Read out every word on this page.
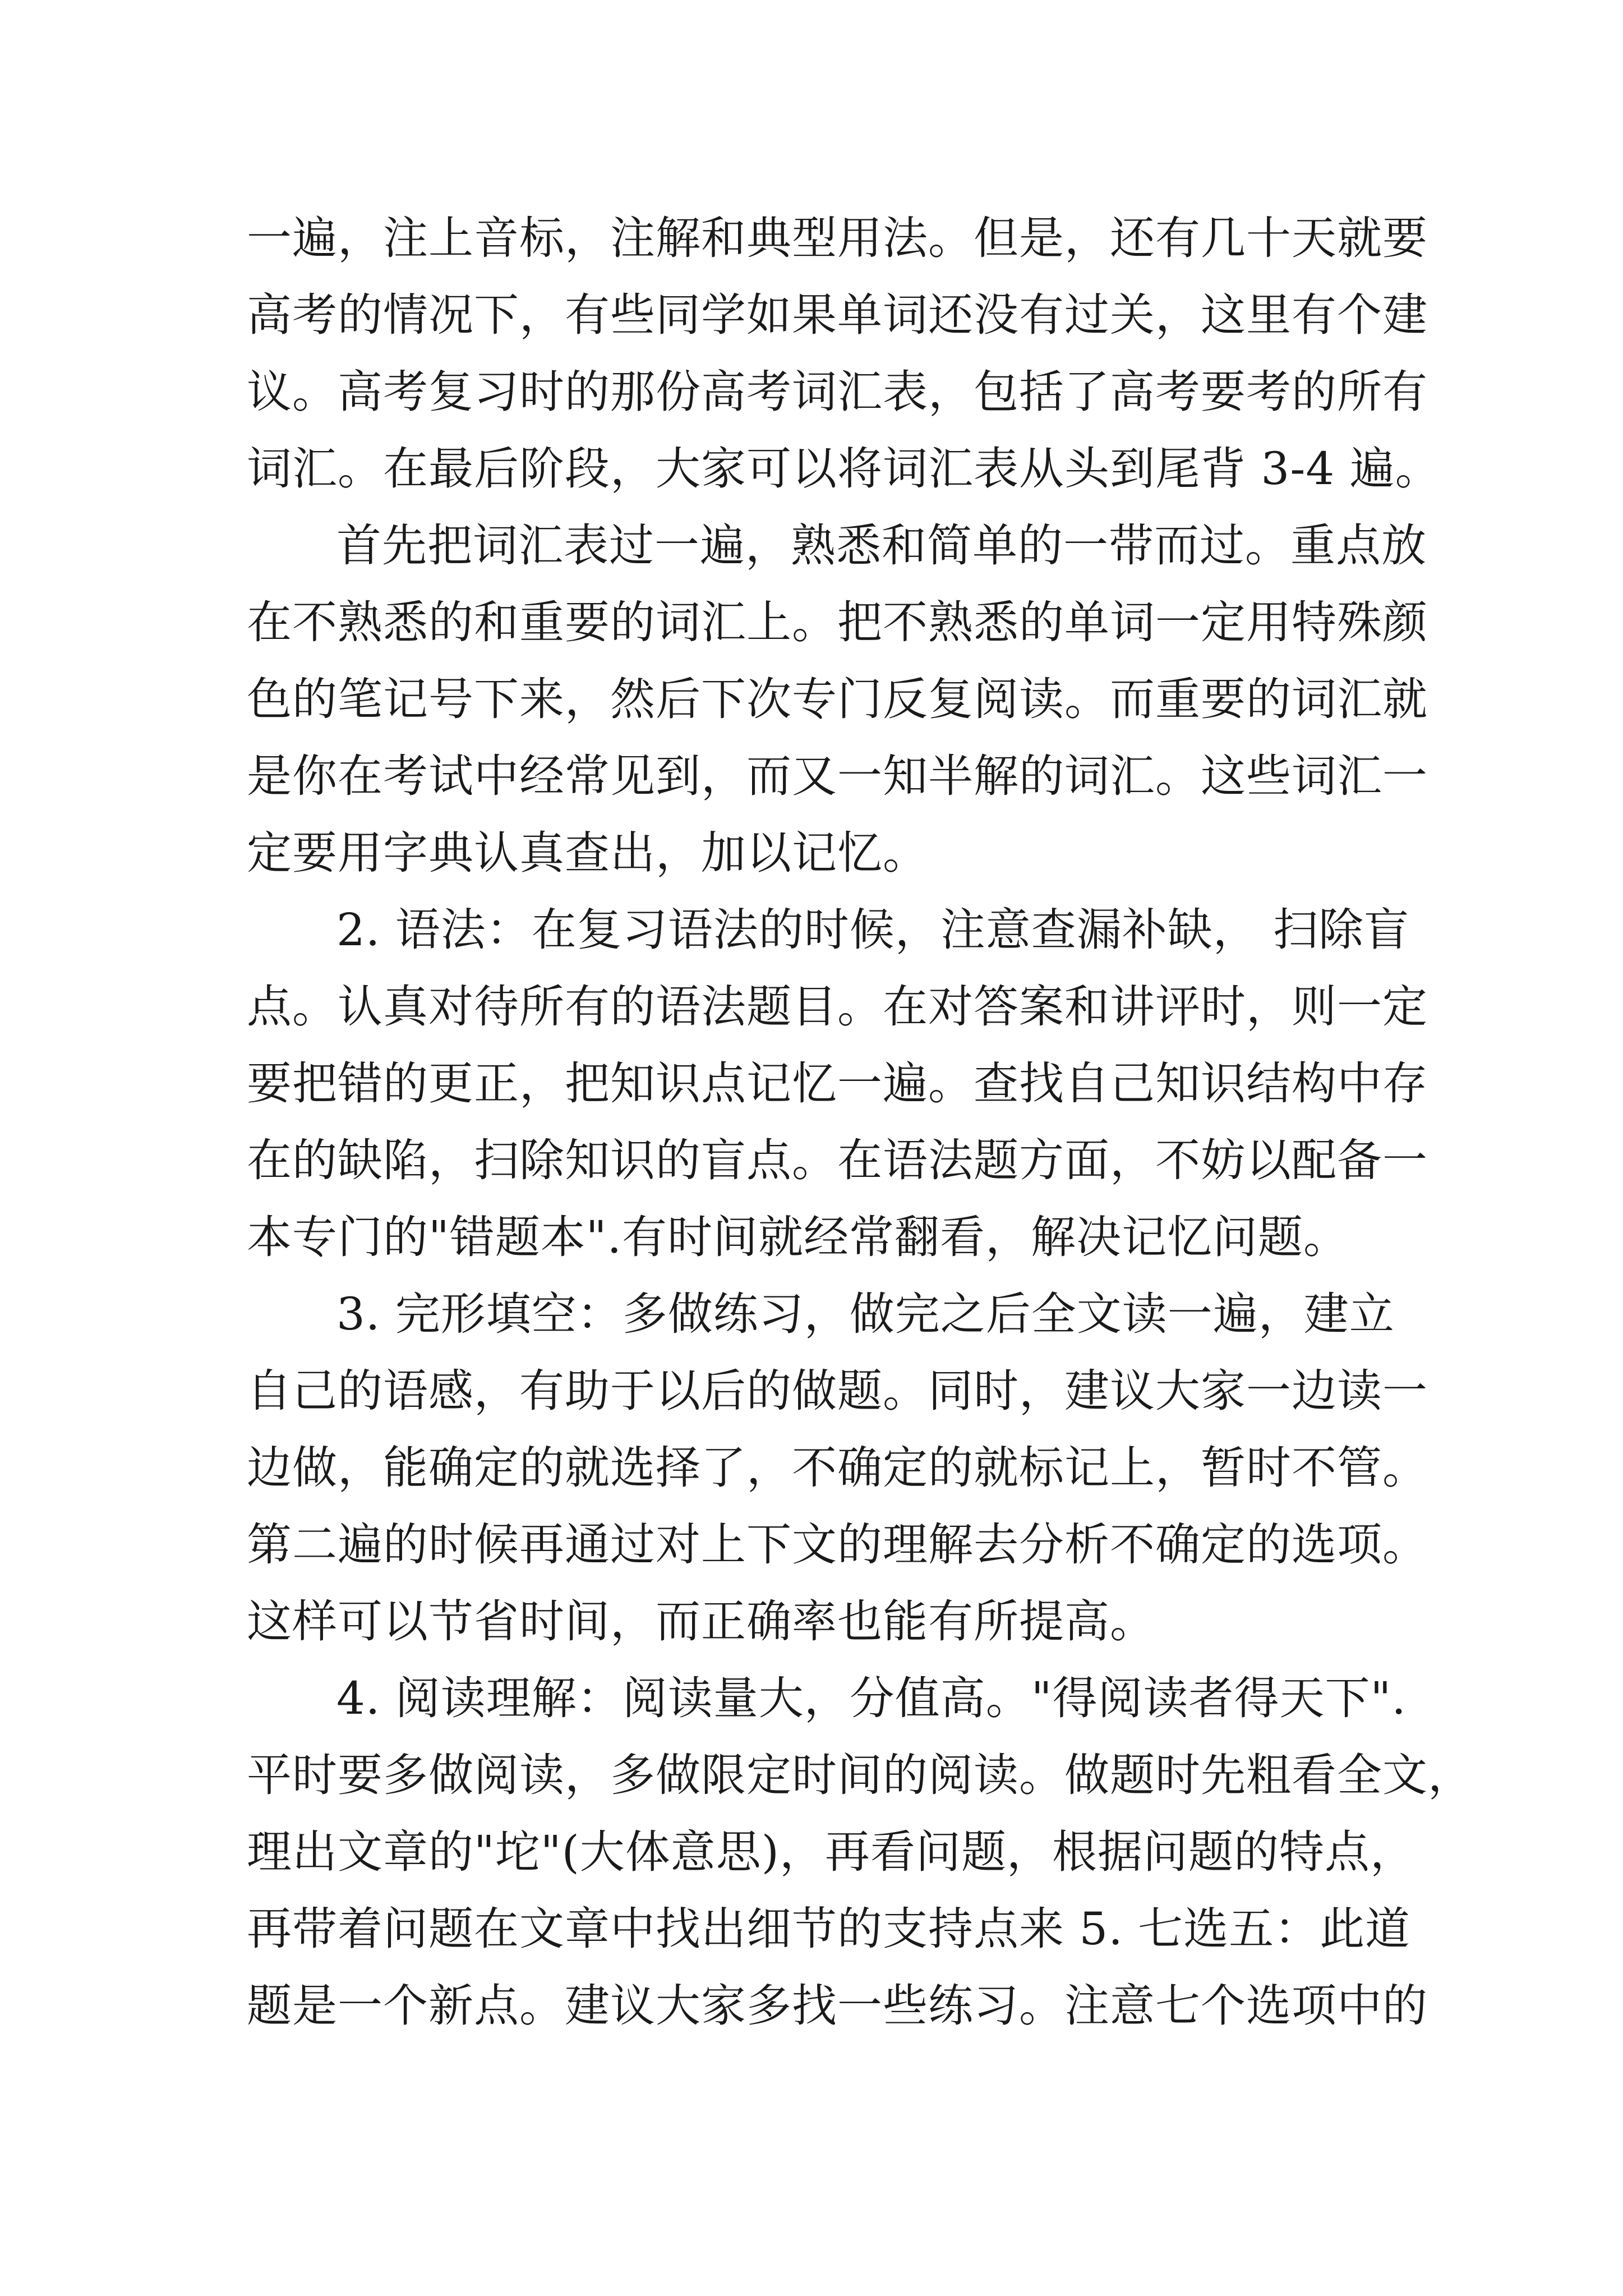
一遍，注上音标，注解和典型用法。但是，还有几十天就要
高考的情况下，有些同学如果单词还没有过关，这里有个建
议。高考复习时的那份高考词汇表，包括了高考要考的所有
词汇。在最后阶段，大家可以将词汇表从头到尾背 3-4 遍。
首先把词汇表过一遍，熟悉和简单的一带而过。重点放
在不熟悉的和重要的词汇上。把不熟悉的单词一定用特殊颜
色的笔记号下来，然后下次专门反复阅读。而重要的词汇就
是你在考试中经常见到，而又一知半解的词汇。这些词汇一
定要用字典认真查出，加以记忆。
2. 语法：在复习语法的时候，注意查漏补缺， 扫除盲
点。认真对待所有的语法题目。在对答案和讲评时，则一定
要把错的更正，把知识点记忆一遍。查找自己知识结构中存
在的缺陷，扫除知识的盲点。在语法题方面，不妨以配备一
本专门的"错题本".有时间就经常翻看，解决记忆问题。
3. 完形填空：多做练习，做完之后全文读一遍，建立
自己的语感，有助于以后的做题。同时，建议大家一边读一
边做，能确定的就选择了，不确定的就标记上，暂时不管。
第二遍的时候再通过对上下文的理解去分析不确定的选项。
这样可以节省时间，而正确率也能有所提高。
4. 阅读理解：阅读量大，分值高。"得阅读者得天下".
平时要多做阅读，多做限定时间的阅读。做题时先粗看全文，
理出文章的"坨"(大体意思)，再看问题，根据问题的特点，
再带着问题在文章中找出细节的支持点来 5. 七选五：此道
题是一个新点。建议大家多找一些练习。注意七个选项中的
